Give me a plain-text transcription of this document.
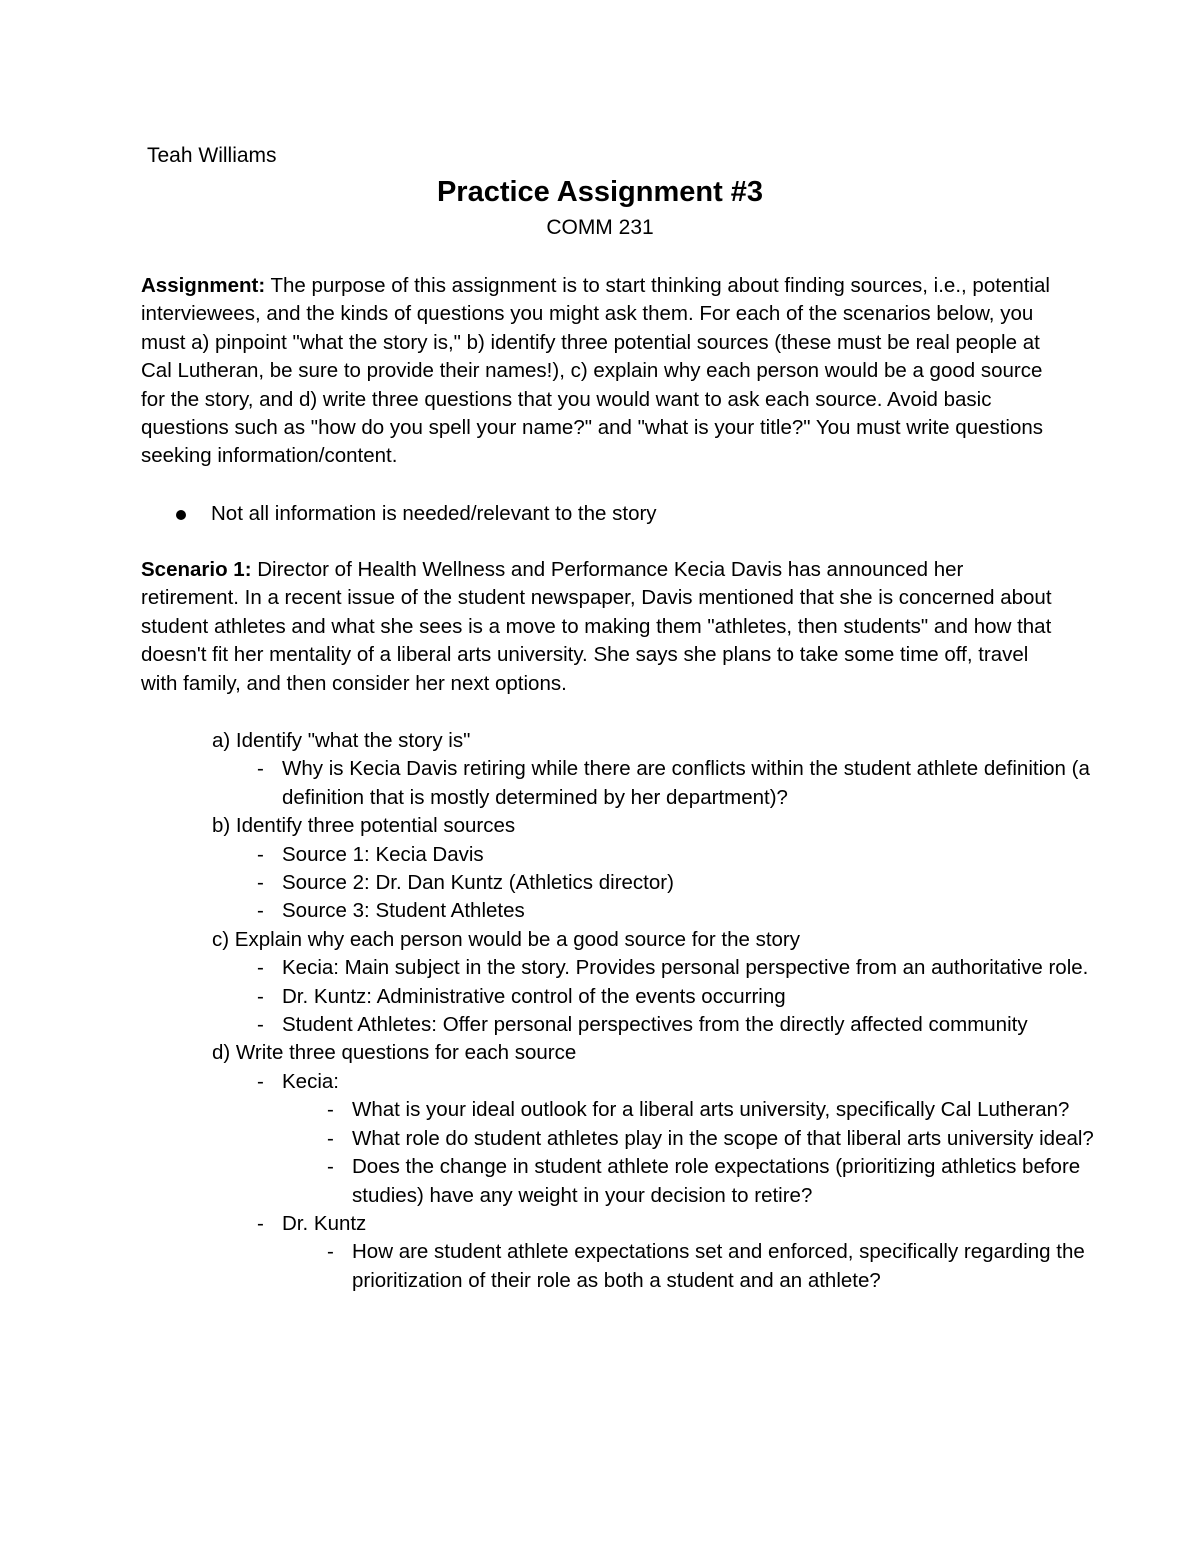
Teah Williams
Practice Assignment #3
COMM 231
Assignment: The purpose of this assignment is to start thinking about finding sources, i.e., potential interviewees, and the kinds of questions you might ask them. For each of the scenarios below, you must a) pinpoint "what the story is," b) identify three potential sources (these must be real people at Cal Lutheran, be sure to provide their names!), c) explain why each person would be a good source for the story, and d) write three questions that you would want to ask each source. Avoid basic questions such as "how do you spell your name?" and "what is your title?" You must write questions seeking information/content.
Not all information is needed/relevant to the story
Scenario 1: Director of Health Wellness and Performance Kecia Davis has announced her retirement. In a recent issue of the student newspaper, Davis mentioned that she is concerned about student athletes and what she sees is a move to making them "athletes, then students" and how that doesn't fit her mentality of a liberal arts university. She says she plans to take some time off, travel with family, and then consider her next options.
a) Identify "what the story is"
- Why is Kecia Davis retiring while there are conflicts within the student athlete definition (a definition that is mostly determined by her department)?
b) Identify three potential sources
- Source 1: Kecia Davis
- Source 2: Dr. Dan Kuntz (Athletics director)
- Source 3: Student Athletes
c) Explain why each person would be a good source for the story
- Kecia: Main subject in the story. Provides personal perspective from an authoritative role.
- Dr. Kuntz: Administrative control of the events occurring
- Student Athletes: Offer personal perspectives from the directly affected community
d) Write three questions for each source
- Kecia:
- What is your ideal outlook for a liberal arts university, specifically Cal Lutheran?
- What role do student athletes play in the scope of that liberal arts university ideal?
- Does the change in student athlete role expectations (prioritizing athletics before studies) have any weight in your decision to retire?
- Dr. Kuntz
- How are student athlete expectations set and enforced, specifically regarding the prioritization of their role as both a student and an athlete?
